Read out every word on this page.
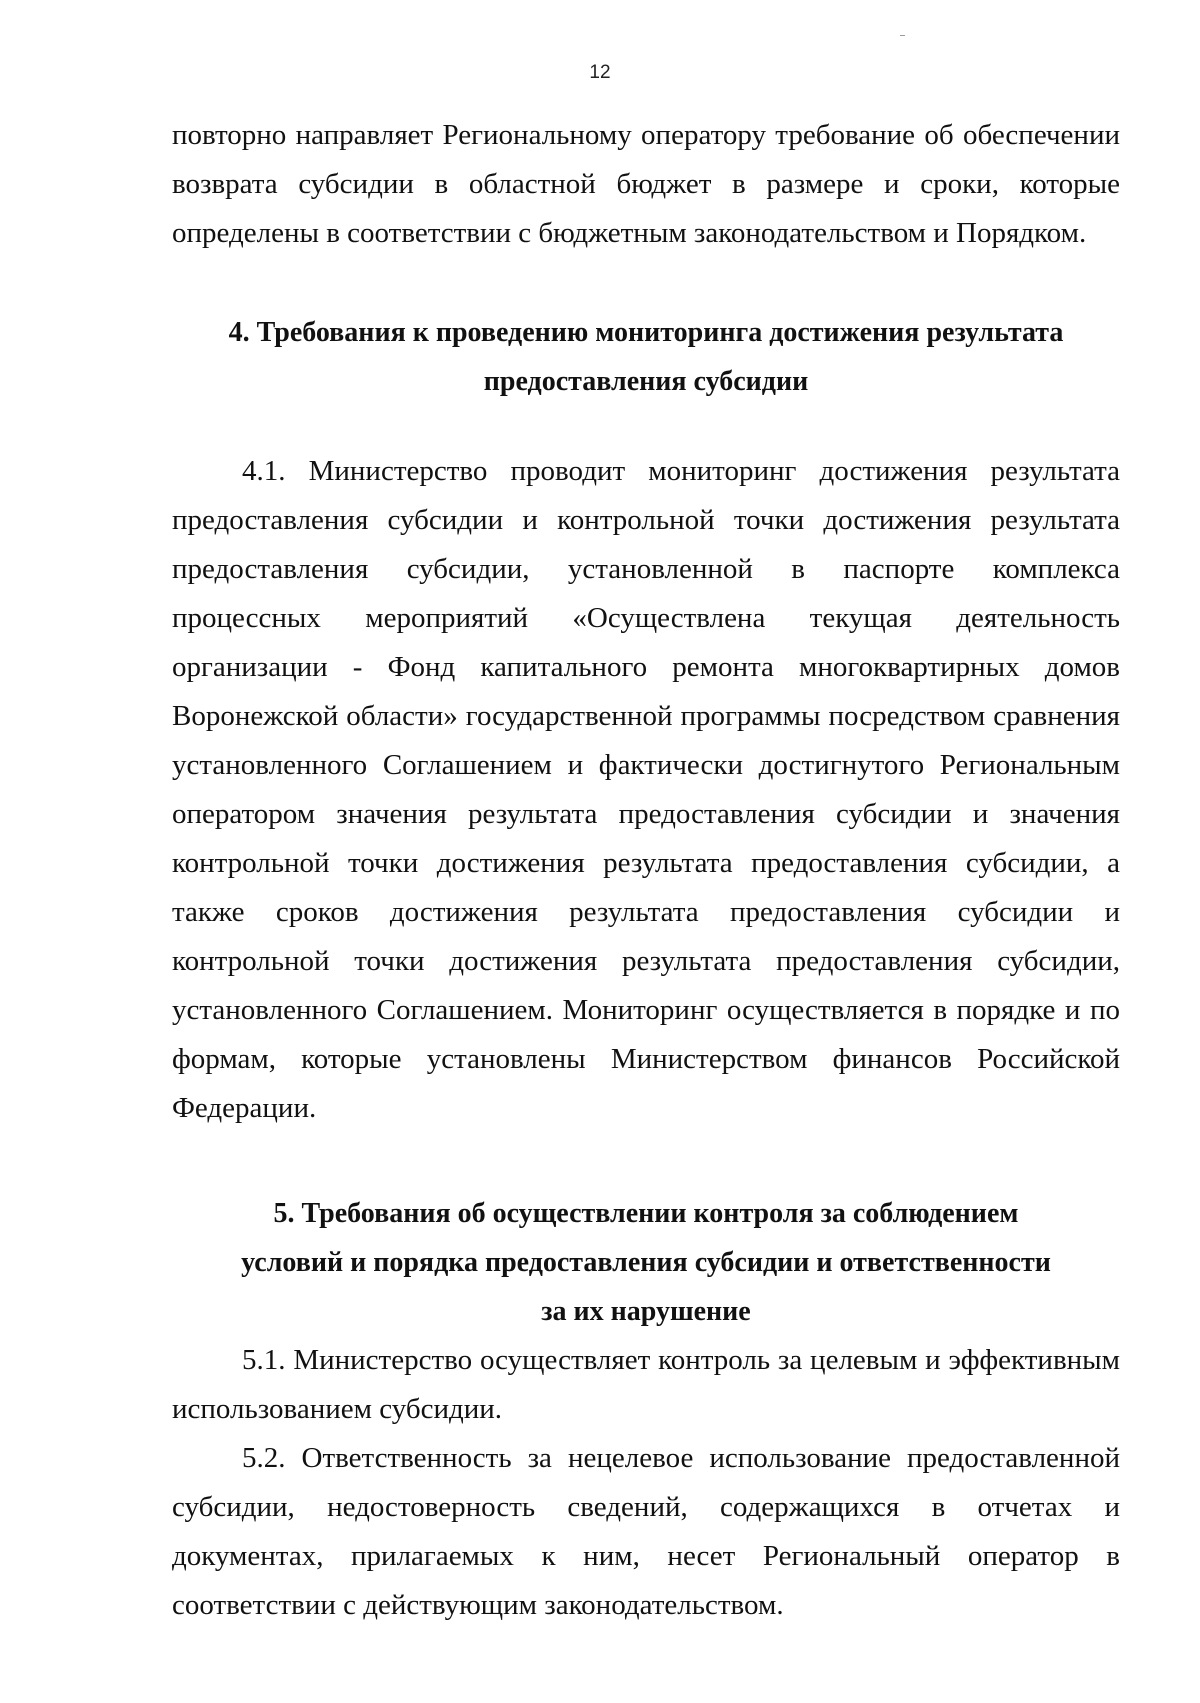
–
12

повторно направляет Региональному оператору требование об обеспечении возврата субсидии в областной бюджет в размере и сроки, которые определены в соответствии с бюджетным законодательством и Порядком.

4. Требования к проведению мониторинга достижения результата
предоставления субсидии

4.1. Министерство проводит мониторинг достижения результата предоставления субсидии и контрольной точки достижения результата предоставления субсидии, установленной в паспорте комплекса процессных мероприятий «Осуществлена текущая деятельность организации - Фонд капитального ремонта многоквартирных домов Воронежской области» государственной программы посредством сравнения установленного Соглашением и фактически достигнутого Региональным оператором значения результата предоставления субсидии и значения контрольной точки достижения результата предоставления субсидии, а также сроков достижения результата предоставления субсидии и контрольной точки достижения результата предоставления субсидии, установленного Соглашением. Мониторинг осуществляется в порядке и по формам, которые установлены Министерством финансов Российской Федерации.

5. Требования об осуществлении контроля за соблюдением
условий и порядка предоставления субсидии и ответственности
за их нарушение

5.1. Министерство осуществляет контроль за целевым и эффективным использованием субсидии.

5.2. Ответственность за нецелевое использование предоставленной субсидии, недостоверность сведений, содержащихся в отчетах и документах, прилагаемых к ним, несет Региональный оператор в соответствии с действующим законодательством.
